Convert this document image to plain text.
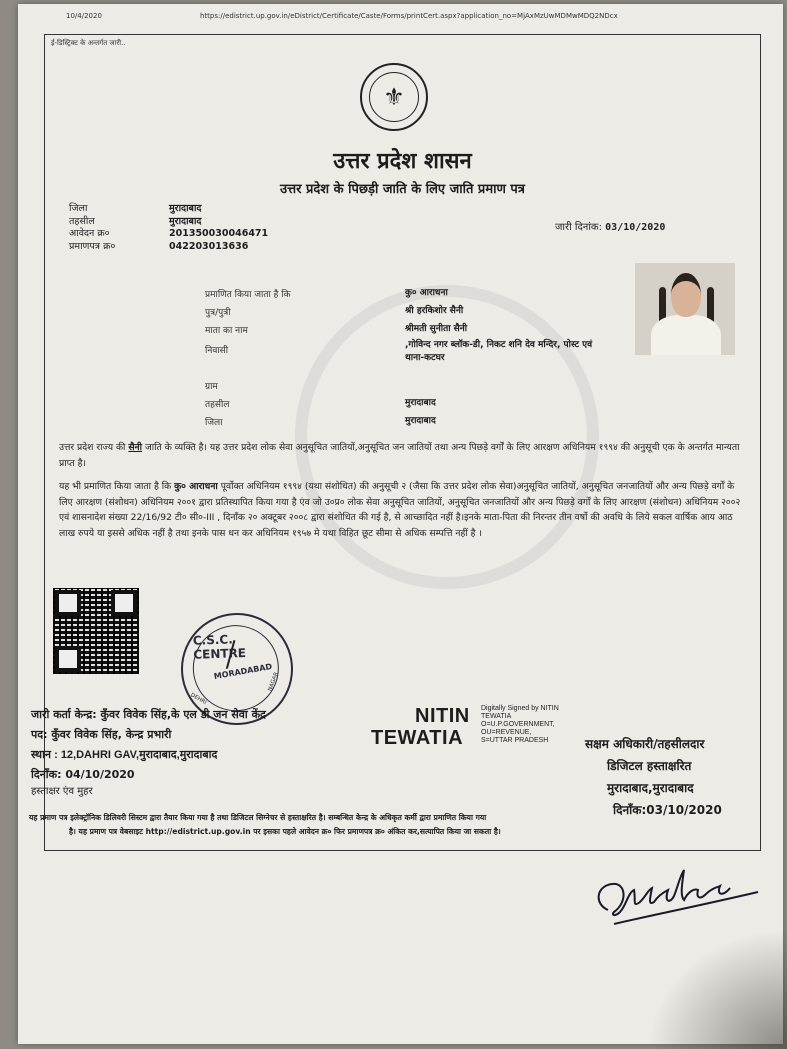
10/4/2020	https://edistrict.up.gov.in/eDistrict/Certificate/Caste/Forms/printCert.aspx?application_no=MjAxMzUwMDMwMDQ2NDcx
ई-डिस्ट्रिक्ट के अन्तर्गत जारी..
⚜
उत्तर प्रदेश शासन
उत्तर प्रदेश के पिछड़ी जाति के लिए जाति प्रमाण पत्र
जिला	मुरादाबाद
तहसील	मुरादाबाद
आवेदन क्र०	201350030046471
प्रमाणपत्र क्र०	042203013636
जारी दिनांक: 03/10/2020
प्रमाणित किया जाता है कि	कु० आराधना
पुत्र/पुत्री	श्री हरकिशोर सैनी
माता का नाम	श्रीमती सुनीता सैनी
निवासी
,गोविन्द नगर ब्लॉक-डी, निकट शनि देव मन्दिर, पोस्ट एवं थाना-कटघर
ग्राम
तहसील	मुरादाबाद
जिला	मुरादाबाद
उत्तर प्रदेश राज्य की सैनी जाति के व्यक्ति है। यह उत्तर प्रदेश लोक सेवा अनुसूचित जातियों,अनुसूचित जन जातियों तथा अन्य पिछड़े वर्गों के लिए आरक्षण अधिनियम १९९४ की अनुसूची एक के अन्तर्गत मान्यता प्राप्त है।
यह भी प्रमाणित किया जाता है कि कु० आराधना पूर्वोक्त अधिनियम १९९४ (यथा संशोधित) की अनुसूची २ (जैसा कि उत्तर प्रदेश लोक सेवा)अनुसूचित जातियों, अनुसूचित जनजातियों और अन्य पिछड़े वर्गों के लिए आरक्षण (संशोधन) अधिनियम २००१ द्वारा प्रतिस्थापित किया गया है एंव जो उ०प्र० लोक सेवा अनुसूचित जातियों, अनुसूचित जनजातियों और अन्य पिछड़े वर्गों के लिए आरक्षण (संशोधन) अधिनियम २००२ एवं शासनादेश संख्या 22/16/92 टी० सी०-III , दिनाँक २० अक्टूबर २००८ द्वारा संशोधित की गई है, से आच्छादित नहीं है।इनके माता-पिता की निरन्तर तीन वर्षो की अवधि के लिये सकल वार्षिक आय आठ लाख रुपये या इससे अधिक नहीं है तथा इनके पास धन कर अधिनियम १९५७ मे यथा विहित छूट सीमा से अधिक सम्पत्ति नहीं है ।
C.S.C. CENTRE
MORADABAD
DEHRI
NAGAR
जारी कर्ता केन्द्र: कुँवर विवेक सिंह,के एल डी जन सेवा केंद्र
पद: कुँवर विवेक सिंह, केन्द्र प्रभारी
स्थान : 12,DAHRI GAV,मुरादाबाद,मुरादाबाद
दिनाँक: 04/10/2020
हस्ताक्षर एंव मुहर
NITIN Digitally Signed by NITIN
TEWATIA
O=U.P.GOVERNMENT,
OU=REVENUE,
S=UTTAR PRADESH
TEWATIA	सक्षम अधिकारी/तहसीलदार
डिजिटल हस्ताक्षरित
मुरादाबाद,मुरादाबाद
दिनाँक:03/10/2020
यह प्रमाण पत्र इलेक्ट्रॉनिक डिलिवरी सिस्टम द्वारा तैयार किया गया है तथा डिजिटल सिग्नेचर से हस्ताक्षरित है। सम्बन्धित केन्द्र के अधिकृत कर्मी द्वारा प्रमाणित किया गया
है। यह प्रमाण पत्र वेबसाइट http://edistrict.up.gov.in पर इसका पहले आवेदन क्र० फिर प्रमाणपत्र क्र० अंकित कर,सत्यापित किया जा सकता है।
